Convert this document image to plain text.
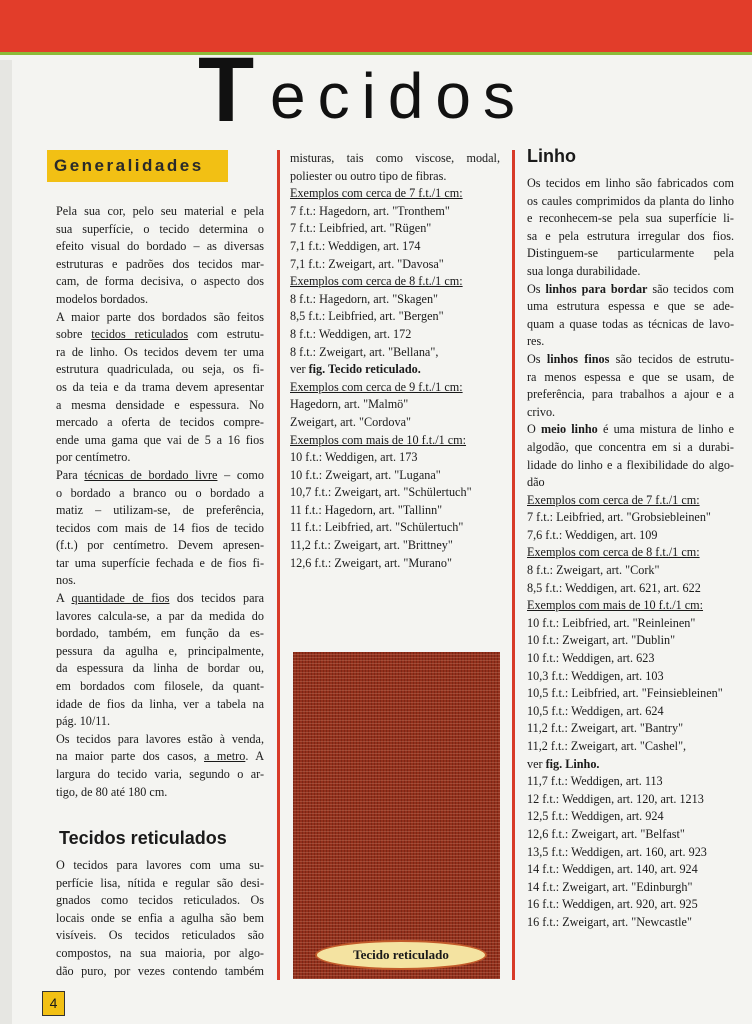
T ecidos
Generalidades
Pela sua cor, pelo seu material e pela
sua superfície, o tecido determina o
efeito visual do bordado – as diversas
estruturas e padrões dos tecidos mar-
cam, de forma decisiva, o aspecto dos
modelos bordados.
A maior parte dos bordados são feitos
sobre tecidos reticulados com estrutu-
ra de linho. Os tecidos devem ter uma
estrutura quadriculada, ou seja, os fi-
os da teia e da trama devem apresentar
a mesma densidade e espessura. No
mercado a oferta de tecidos compre-
ende uma gama que vai de 5 a 16 fios
por centímetro.
Para técnicas de bordado livre – como
o bordado a branco ou o bordado a
matiz – utilizam-se, de preferência,
tecidos com mais de 14 fios de tecido
(f.t.) por centímetro. Devem apresen-
tar uma superfície fechada e de fios fi-
nos.
A quantidade de fios dos tecidos para
lavores calcula-se, a par da medida do
bordado, também, em função da es-
pessura da agulha e, principalmente,
da espessura da linha de bordar ou,
em bordados com filosele, da quant-
idade de fios da linha, ver a tabela na
pág. 10/11.
Os tecidos para lavores estão à venda,
na maior parte dos casos, a metro. A
largura do tecido varia, segundo o ar-
tigo, de 80 até 180 cm.
Tecidos reticulados
O tecidos para lavores com uma su-
perfície lisa, nítida e regular são desi-
gnados como tecidos reticulados. Os
locais onde se enfia a agulha são bem
visíveis. Os tecidos reticulados são
compostos, na sua maioria, por algo-
dão puro, por vezes contendo também
misturas, tais como viscose, modal,
poliester ou outro tipo de fibras.
Exemplos com cerca de 7 f.t./1 cm:
7 f.t.: Hagedorn, art. "Tronthem"
7 f.t.: Leibfried, art. "Rügen"
7,1 f.t.: Weddigen, art. 174
7,1 f.t.: Zweigart, art. "Davosa"
Exemplos com cerca de 8 f.t./1 cm:
8 f.t.: Hagedorn, art. "Skagen"
8,5 f.t.: Leibfried, art. "Bergen"
8 f.t.: Weddigen, art. 172
8 f.t.: Zweigart, art. "Bellana",
ver fig. Tecido reticulado.
Exemplos com cerca de 9 f.t./1 cm:
Hagedorn, art. "Malmö"
Zweigart, art. "Cordova"
Exemplos com mais de 10 f.t./1 cm:
10 f.t.: Weddigen, art. 173
10 f.t.: Zweigart, art. "Lugana"
10,7 f.t.: Zweigart, art. "Schülertuch"
11 f.t.: Hagedorn, art. "Tallinn"
11 f.t.: Leibfried, art. "Schülertuch"
11,2 f.t.: Zweigart, art. "Brittney"
12,6 f.t.: Zweigart, art. "Murano"
Linho
Os tecidos em linho são fabricados com
os caules comprimidos da planta do linho
e reconhecem-se pela sua superfície li-
sa e pela estrutura irregular dos fios.
Distinguem-se particularmente pela
sua longa durabilidade.
Os linhos para bordar são tecidos com
uma estrutura espessa e que se ade-
quam a quase todas as técnicas de lavo-
res.
Os linhos finos são tecidos de estrutu-
ra menos espessa e que se usam, de
preferência, para trabalhos a ajour e a
crivo.
O meio linho é uma mistura de linho e
algodão, que concentra em si a durabi-
lidade do linho e a flexibilidade do algo-
dão
Exemplos com cerca de 7 f.t./1 cm:
7 f.t.: Leibfried, art. "Grobsiebleinen"
7,6 f.t.: Weddigen, art. 109
Exemplos com cerca de 8 f.t./1 cm:
8 f.t.: Zweigart, art. "Cork"
8,5 f.t.: Weddigen, art. 621, art. 622
Exemplos com mais de 10 f.t./1 cm:
10 f.t.: Leibfried, art. "Reinleinen"
10 f.t.: Zweigart, art. "Dublin"
10 f.t.: Weddigen, art. 623
10,3 f.t.: Weddigen, art. 103
10,5 f.t.: Leibfried, art. "Feinsiebleinen"
10,5 f.t.: Weddigen, art. 624
11,2 f.t.: Zweigart, art. "Bantry"
11,2 f.t.: Zweigart, art. "Cashel",
ver fig. Linho.
11,7 f.t.: Weddigen, art. 113
12 f.t.: Weddigen, art. 120, art. 1213
12,5 f.t.: Weddigen, art. 924
12,6 f.t.: Zweigart, art. "Belfast"
13,5 f.t.: Weddigen, art. 160, art. 923
14 f.t.: Weddigen, art. 140, art. 924
14 f.t.: Zweigart, art. "Edinburgh"
16 f.t.: Weddigen, art. 920, art. 925
16 f.t.: Zweigart, art. "Newcastle"
Tecido reticulado
4
